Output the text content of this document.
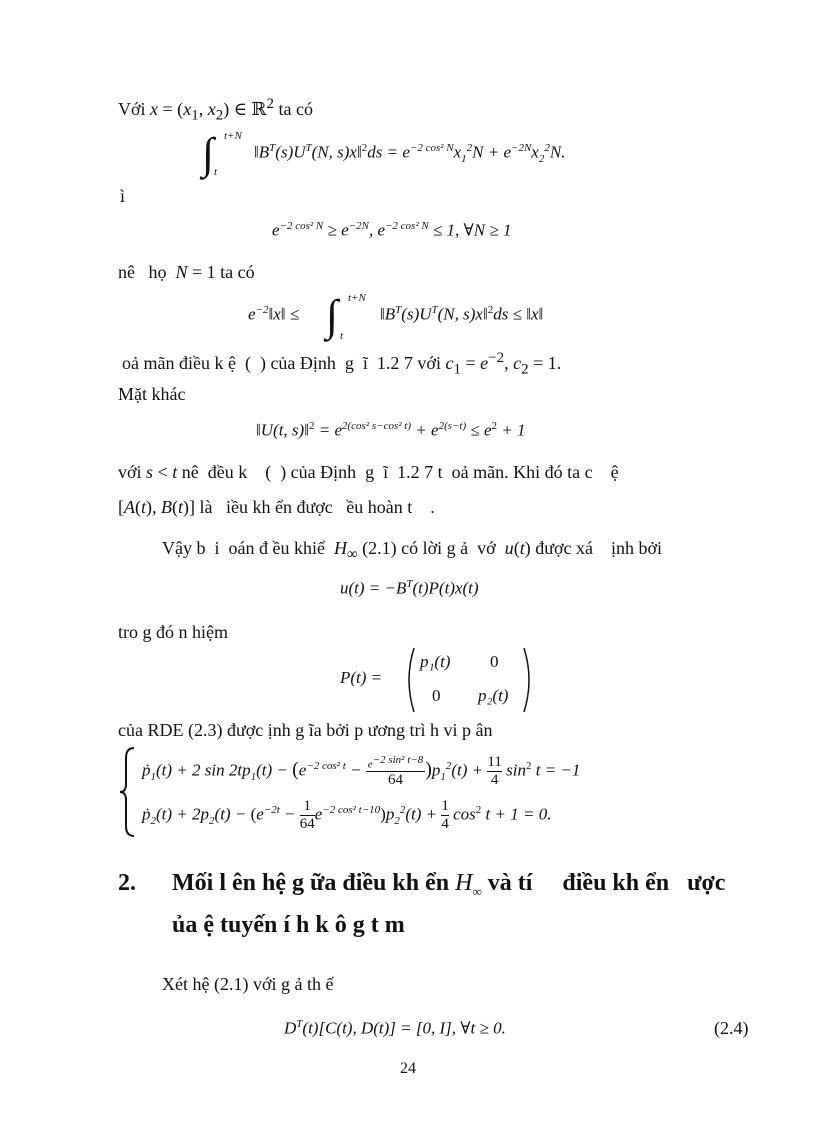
Với $x = (x_1$, $x_2$) ∈ ℝ$^2$ ta có
t+N
∫ t
$‖B^T(s)U^T(N$, s)x‖$^2$ds = $e^{-2 cos^2 N}x_1^2N + e^{-2N}x_2^2N$.
ì
$e^{-2 cos^2 N} \ge e^{-2N}$, $e^{-2 cos^2 N} \le 1$, ∀N ≥ 1
nê   họ  N = 1 ta có
$e^{-2}‖x‖$ ≤
t+N
∫ t
$‖B^T(s)U^T(N$, s)x‖$^2$ds ≤ ‖x‖
oả mãn điều k ệ  (  ) của Định  g  ĩ  1.2 7 với $c_1 = e^{-2}$, $c_2 = 1$.
Mặt khác
‖U(t, s)‖$^2$ = $e^{2(cos^2 s-cos^2 t)} + e^{2(s-t)} \le e^2 + 1$
với s < t nê  đều k    (  ) của Định  g  ĩ  1.2 7 t  oả mãn. Khi đó ta c    ệ
[A(t), B(t)] là   iều kh ển được   ều hoàn t    .
Vậy b  i  oán đ ều khiể  $H_\infty$ (2.1) có lời g ả  vớ  u(t) được xá    ịnh bởi
$u(t) = -B^T(t)P(t)x(t)$
tro g đó n hiệm
P(t) =
p₁(t) 0
0 p₂(t)
của RDE (2.3) được ịnh g ĩa bởi p ương trì h vi p ân
ṗ$_1$(t) + 2 $\sin 2tp_1(t) - (e^{-2 cos^2 t} - e^{-2 sin^2 t-8}$
64	)$p_1^2(t) + \frac{11}{4} \sin^2 t = -1$
ṗ$_2$(t) + $2p_2(t) - (e^{-2t} - \frac{1}{64} e^{-2 cos^2 t-10})p_2^2(t) + \frac{1}{4} \cos^2 t + 1 = 0$.
2. Mối l ên hệ g ữa điều kh ển $H_\infty$ và tí     điều kh ển   ược
ủa ệ tuyến í h k ô g t m
Xét hệ (2.1) với g ả th ế
$D^T(t)[C(t)$, D(t)] = [0, I], ∀t ≥ 0.	(2.4)
24
